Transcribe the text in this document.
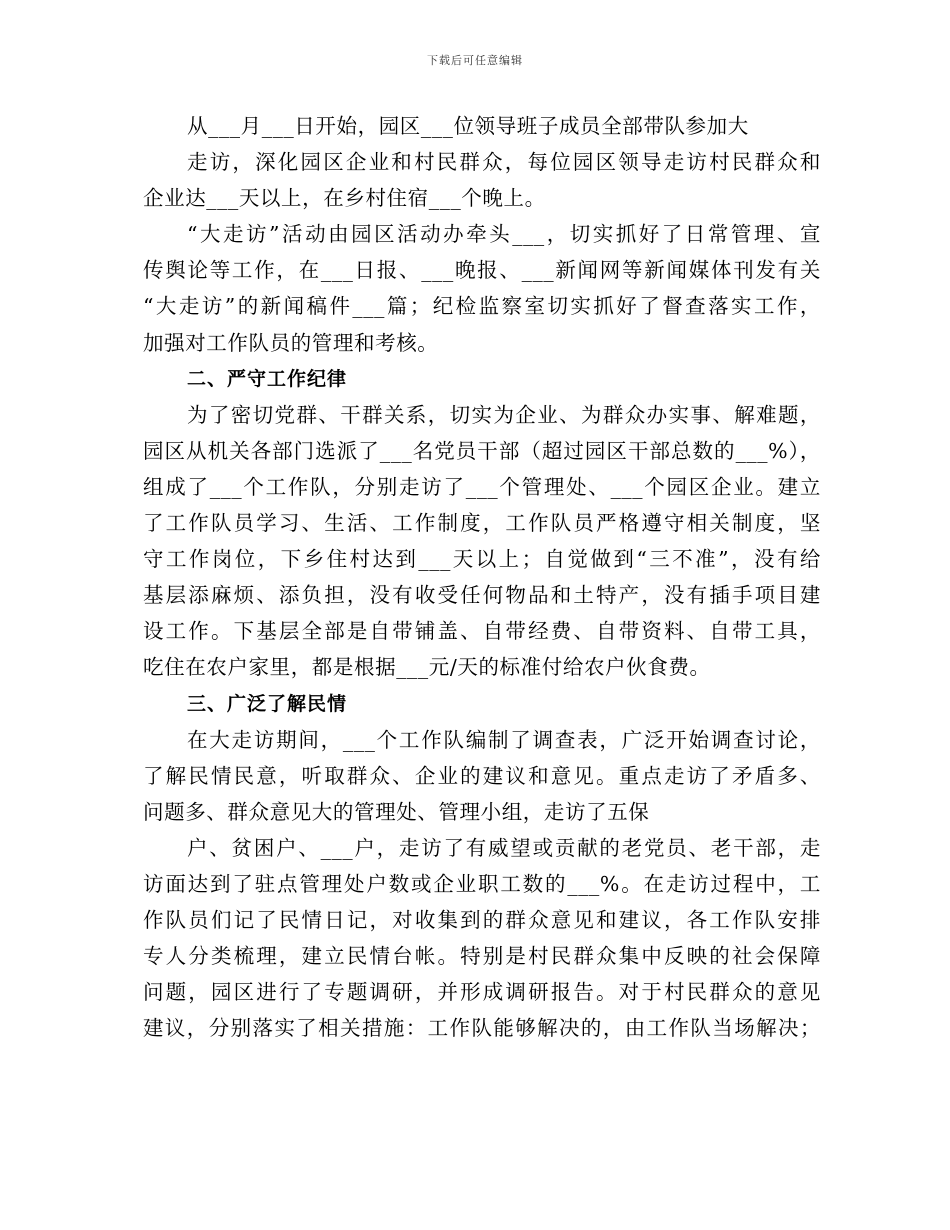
下载后可任意编辑
从___月___日开始，园区___位领导班子成员全部带队参加大
走访，深化园区企业和村民群众，每位园区领导走访村民群众和
企业达___天以上，在乡村住宿___个晚上。
“大走访”活动由园区活动办牵头___，切实抓好了日常管理、宣
传舆论等工作，在___日报、___晚报、___新闻网等新闻媒体刊发有关
“大走访”的新闻稿件___篇；纪检监察室切实抓好了督查落实工作，
加强对工作队员的管理和考核。
二、严守工作纪律
为了密切党群、干群关系，切实为企业、为群众办实事、解难题，
园区从机关各部门选派了___名党员干部（超过园区干部总数的___%），
组成了___个工作队，分别走访了___个管理处、___个园区企业。建立
了工作队员学习、生活、工作制度，工作队员严格遵守相关制度，坚
守工作岗位，下乡住村达到___天以上；自觉做到“三不准”，没有给
基层添麻烦、添负担，没有收受任何物品和土特产，没有插手项目建
设工作。下基层全部是自带铺盖、自带经费、自带资料、自带工具，
吃住在农户家里，都是根据___元/天的标准付给农户伙食费。
三、广泛了解民情
在大走访期间，___个工作队编制了调查表，广泛开始调查讨论，
了解民情民意，听取群众、企业的建议和意见。重点走访了矛盾多、
问题多、群众意见大的管理处、管理小组，走访了五保
户、贫困户、___户，走访了有威望或贡献的老党员、老干部，走
访面达到了驻点管理处户数或企业职工数的___%。在走访过程中，工
作队员们记了民情日记，对收集到的群众意见和建议，各工作队安排
专人分类梳理，建立民情台帐。特别是村民群众集中反映的社会保障
问题，园区进行了专题调研，并形成调研报告。对于村民群众的意见
建议，分别落实了相关措施：工作队能够解决的，由工作队当场解决；
